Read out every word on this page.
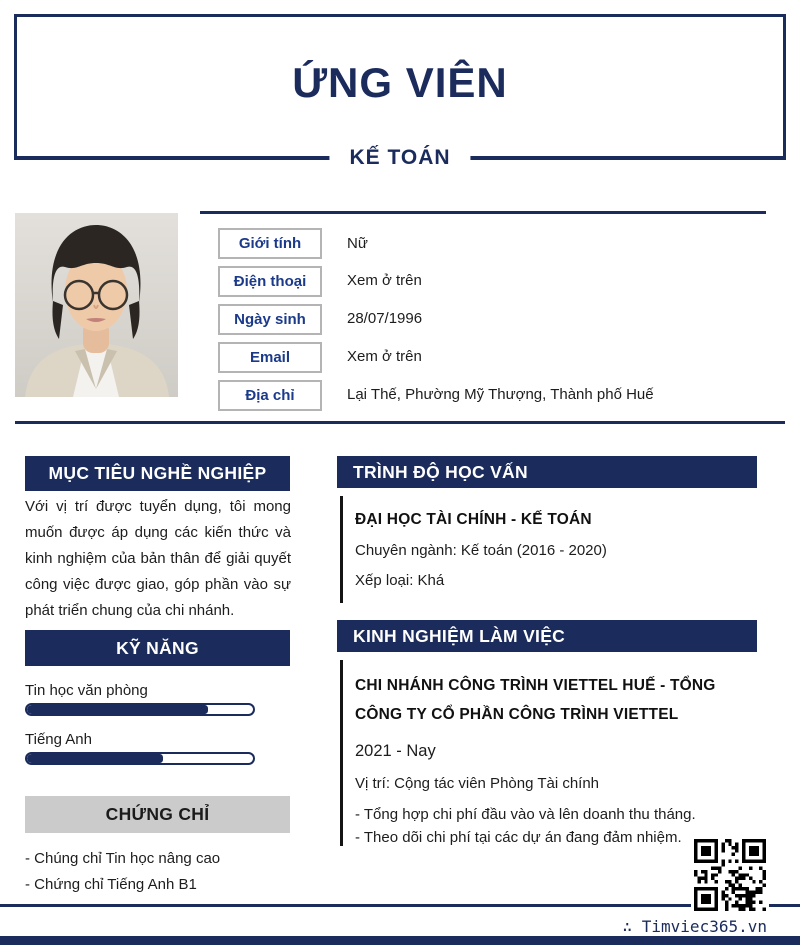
ỨNG VIÊN
KẾ TOÁN
Giới tính	Nữ
Điện thoại	Xem ở trên
Ngày sinh	28/07/1996
Email	Xem ở trên
Địa chỉ	Lại Thế, Phường Mỹ Thượng, Thành phố Huế
MỤC TIÊU NGHỀ NGHIỆP
Với vị trí được tuyển dụng, tôi mong muốn được áp dụng các kiến thức và kinh nghiệm của bản thân để giải quyết công việc được giao, góp phần vào sự phát triển chung của chi nhánh.
KỸ NĂNG
Tin học văn phòng
Tiếng Anh
CHỨNG CHỈ
- Chúng chỉ Tin học nâng cao
- Chứng chỉ Tiếng Anh B1
TRÌNH ĐỘ HỌC VẤN
ĐẠI HỌC TÀI CHÍNH - KẾ TOÁN
Chuyên ngành: Kế toán (2016 - 2020)
Xếp loại: Khá
KINH NGHIỆM LÀM VIỆC
CHI NHÁNH CÔNG TRÌNH VIETTEL HUẾ - TỔNG CÔNG TY CỔ PHẦN CÔNG TRÌNH VIETTEL
2021 - Nay
Vị trí: Cộng tác viên Phòng Tài chính
- Tổng hợp chi phí đầu vào và lên doanh thu tháng.
- Theo dõi chi phí tại các dự án đang đảm nhiệm.
∴ Timviec365.vn
